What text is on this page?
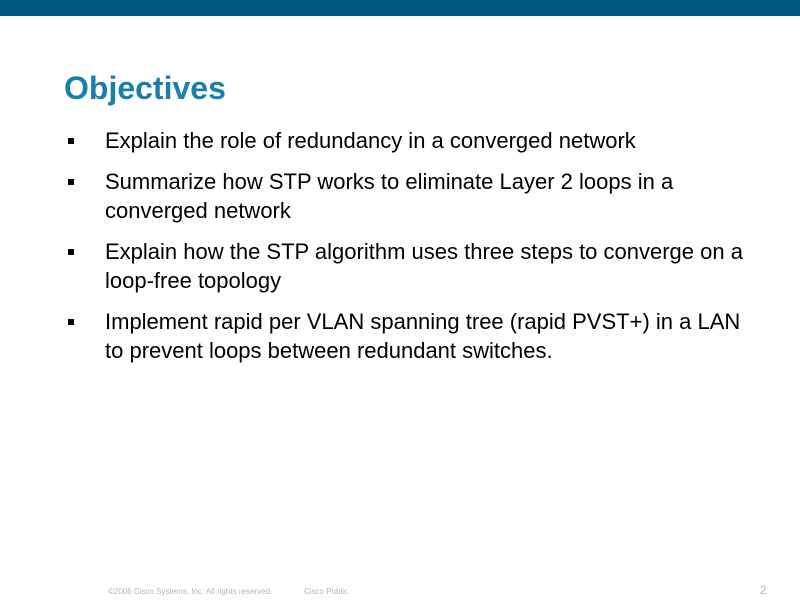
Objectives
Explain the role of redundancy in a converged network
Summarize how STP works to eliminate Layer 2 loops in a converged network
Explain how the STP algorithm uses three steps to converge on a loop-free topology
Implement rapid per VLAN spanning tree (rapid PVST+) in a LAN to prevent loops between redundant switches.
©2006 Cisco Systems, Inc. All rights reserved.	Cisco Public	2
